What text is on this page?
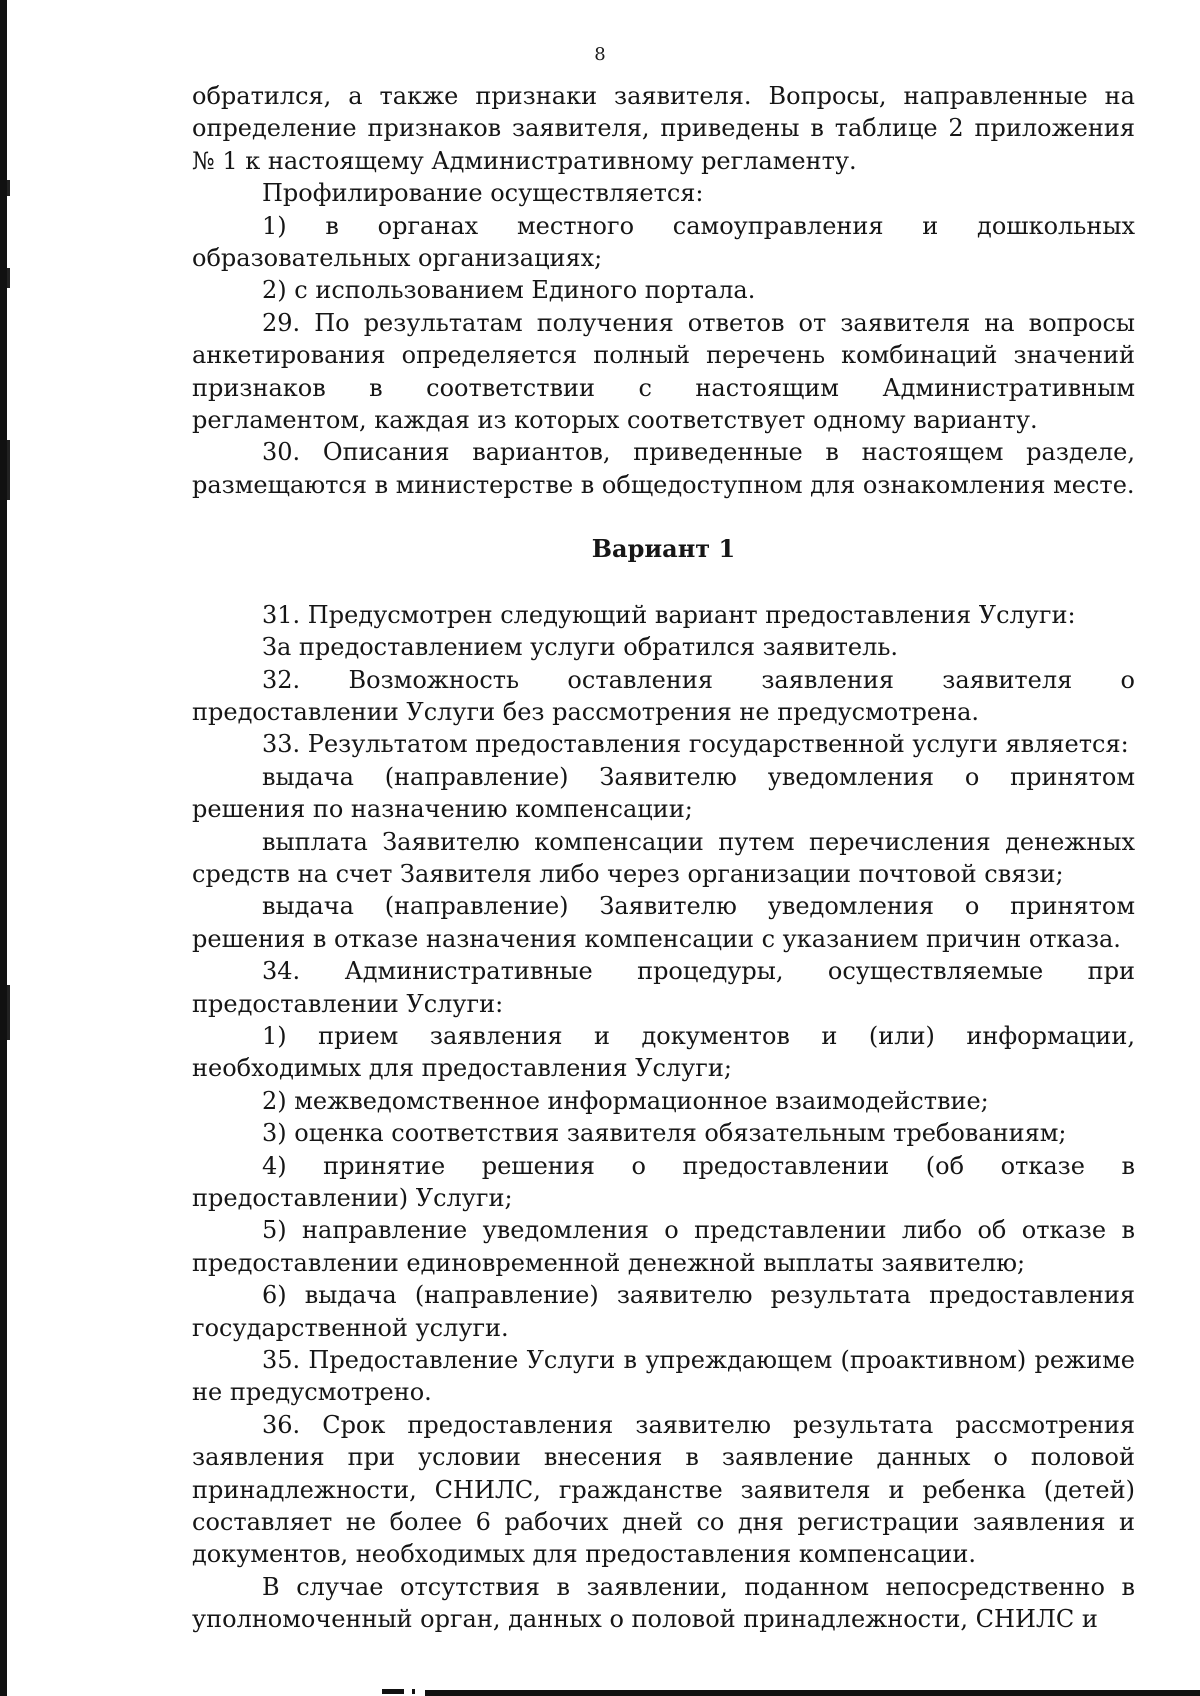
8

обратился, а также признаки заявителя. Вопросы, направленные на определение признаков заявителя, приведены в таблице 2 приложения № 1 к настоящему Административному регламенту.

Профилирование осуществляется:

1) в органах местного самоуправления и дошкольных образовательных организациях;

2) с использованием Единого портала.

29. По результатам получения ответов от заявителя на вопросы анкетирования определяется полный перечень комбинаций значений признаков в соответствии с настоящим Административным регламентом, каждая из которых соответствует одному варианту.

30. Описания вариантов, приведенные в настоящем разделе, размещаются в министерстве в общедоступном для ознакомления месте.

Вариант 1

31. Предусмотрен следующий вариант предоставления Услуги:

За предоставлением услуги обратился заявитель.

32. Возможность оставления заявления заявителя о предоставлении Услуги без рассмотрения не предусмотрена.

33. Результатом предоставления государственной услуги является:

выдача (направление) Заявителю уведомления о принятом решения по назначению компенсации;

выплата Заявителю компенсации путем перечисления денежных средств на счет Заявителя либо через организации почтовой связи;

выдача (направление) Заявителю уведомления о принятом решения в отказе назначения компенсации с указанием причин отказа.

34. Административные процедуры, осуществляемые при предоставлении Услуги:

1) прием заявления и документов и (или) информации, необходимых для предоставления Услуги;

2) межведомственное информационное взаимодействие;

3) оценка соответствия заявителя обязательным требованиям;

4) принятие решения о предоставлении (об отказе в предоставлении) Услуги;

5) направление уведомления о представлении либо об отказе в предоставлении единовременной денежной выплаты заявителю;

6) выдача (направление) заявителю результата предоставления государственной услуги.

35. Предоставление Услуги в упреждающем (проактивном) режиме не предусмотрено.

36. Срок предоставления заявителю результата рассмотрения заявления при условии внесения в заявление данных о половой принадлежности, СНИЛС, гражданстве заявителя и ребенка (детей) составляет не более 6 рабочих дней со дня регистрации заявления и документов, необходимых для предоставления компенсации.

В случае отсутствия в заявлении, поданном непосредственно в уполномоченный орган, данных о половой принадлежности, СНИЛС и
